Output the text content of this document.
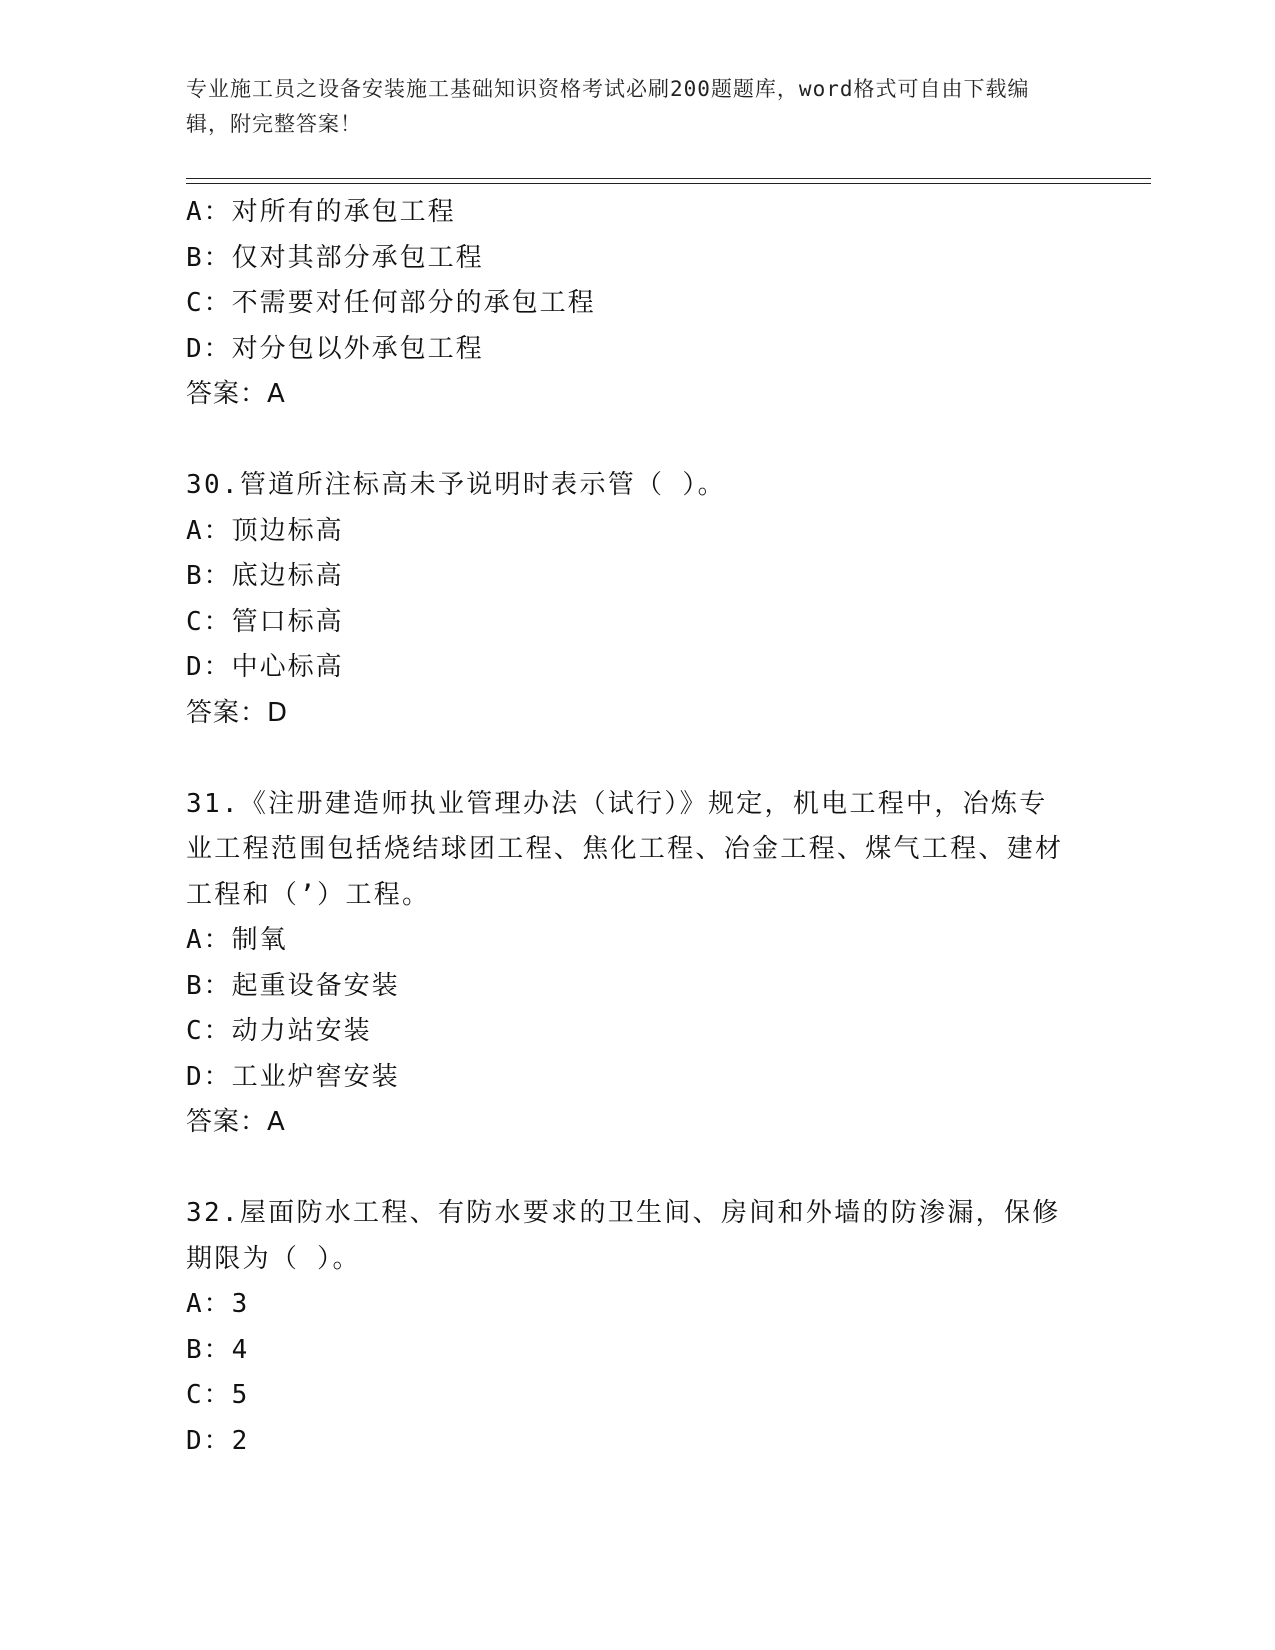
专业施工员之设备安装施工基础知识资格考试必刷200题题库，word格式可自由下载编辑，附完整答案！
A：对所有的承包工程
B：仅对其部分承包工程
C：不需要对任何部分的承包工程
D：对分包以外承包工程
答案：A
30.管道所注标高未予说明时表示管（ ）。
A：顶边标高
B：底边标高
C：管口标高
D：中心标高
答案：D
31.《注册建造师执业管理办法（试行）》规定，机电工程中，冶炼专业工程范围包括烧结球团工程、焦化工程、冶金工程、煤气工程、建材工程和（’）工程。
A：制氧
B：起重设备安装
C：动力站安装
D：工业炉窖安装
答案：A
32.屋面防水工程、有防水要求的卫生间、房间和外墙的防渗漏，保修期限为（ ）。
A：3
B：4
C：5
D：2
